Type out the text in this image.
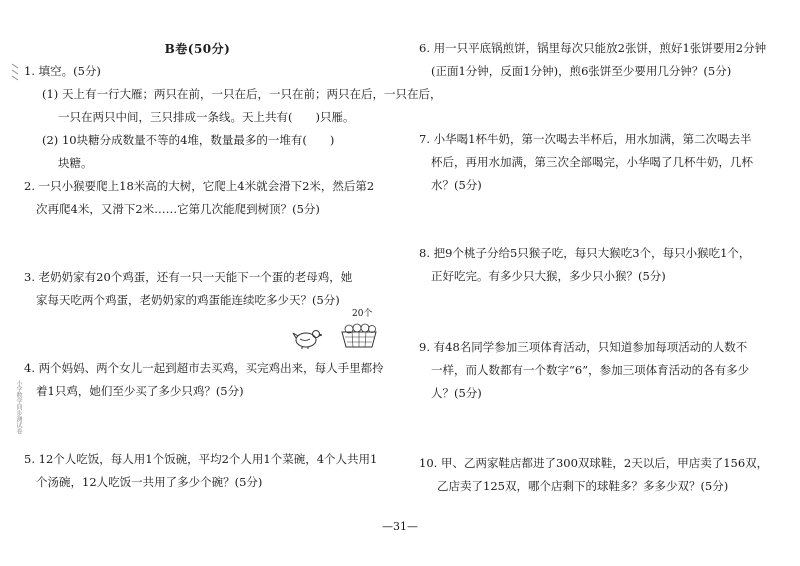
小学数学同步测试卷
B卷(50分)
1. 填空。(5分)
(1) 天上有一行大雁；两只在前，一只在后，一只在前；两只在后，一只在后，
一只在两只中间，三只排成一条线。天上共有(　　)只雁。
(2) 10块糖分成数量不等的4堆，数量最多的一堆有(　　)
块糖。
2. 一只小猴要爬上18米高的大树，它爬上4米就会滑下2米，然后第2
次再爬4米，又滑下2米……它第几次能爬到树顶？(5分)
3. 老奶奶家有20个鸡蛋，还有一只一天能下一个蛋的老母鸡，她
家每天吃两个鸡蛋，老奶奶家的鸡蛋能连续吃多少天？(5分)
20个
4. 两个妈妈、两个女儿一起到超市去买鸡，买完鸡出来，每人手里都拎
着1只鸡，她们至少买了多少只鸡？(5分)
5. 12个人吃饭，每人用1个饭碗，平均2个人用1个菜碗，4个人共用1
个汤碗，12人吃饭一共用了多少个碗？(5分)
6. 用一只平底锅煎饼，锅里每次只能放2张饼，煎好1张饼要用2分钟
(正面1分钟，反面1分钟)，煎6张饼至少要用几分钟？(5分)
7. 小华喝1杯牛奶，第一次喝去半杯后，用水加满，第二次喝去半
杯后，再用水加满，第三次全部喝完，小华喝了几杯牛奶，几杯
水？(5分)
8. 把9个桃子分给5只猴子吃，每只大猴吃3个，每只小猴吃1个，
正好吃完。有多少只大猴，多少只小猴？(5分)
9. 有48名同学参加三项体育活动，只知道参加每项活动的人数不
一样，而人数都有一个数字“6”，参加三项体育活动的各有多少
人？(5分)
10. 甲、乙两家鞋店都进了300双球鞋，2天以后，甲店卖了156双，
乙店卖了125双，哪个店剩下的球鞋多？多多少双？(5分)
—31—
